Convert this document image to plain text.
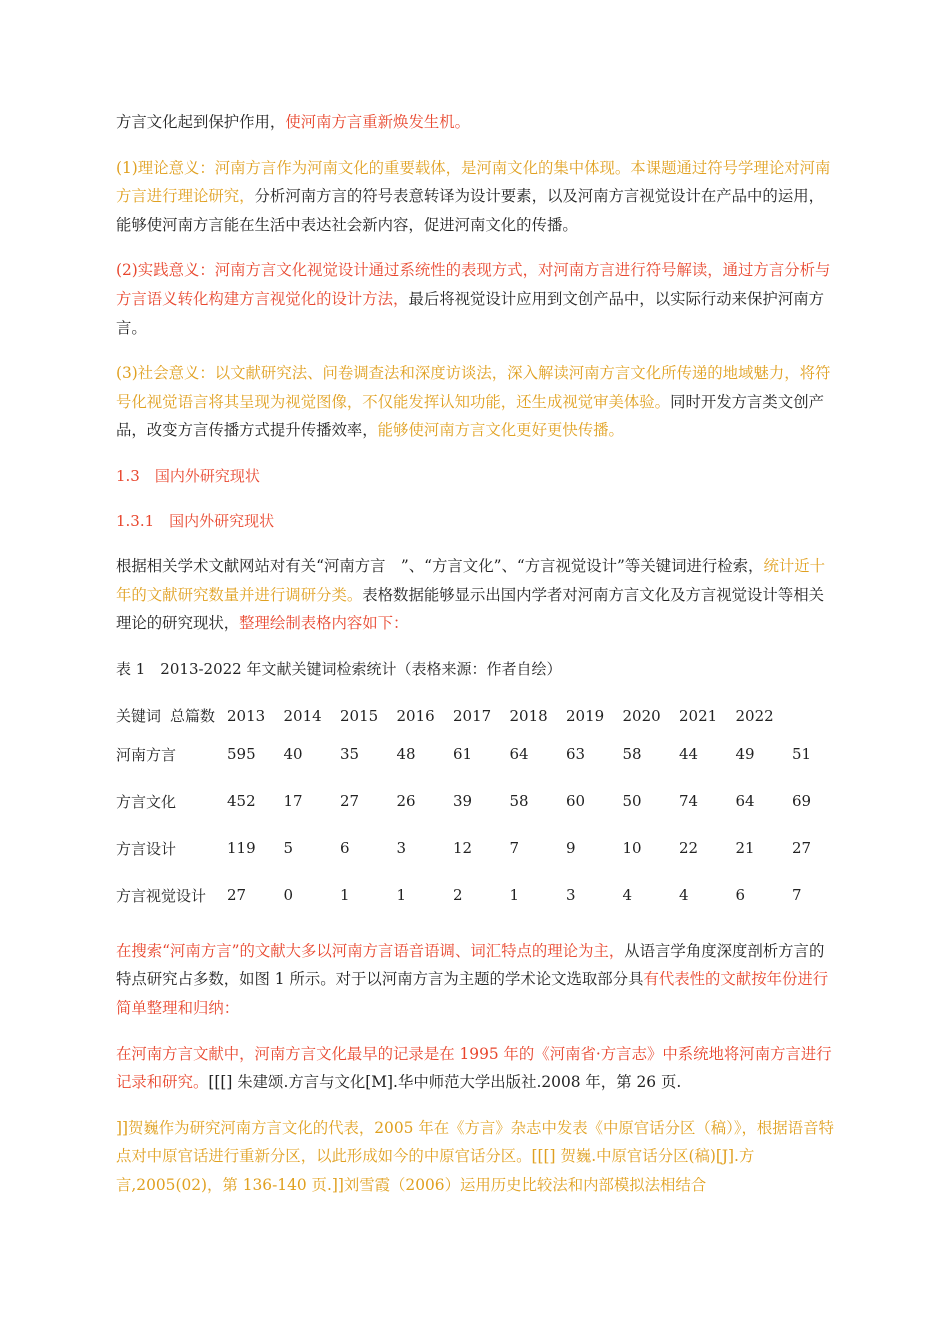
方言文化起到保护作用，使河南方言重新焕发生机。

(1)理论意义：河南方言作为河南文化的重要载体，是河南文化的集中体现。本课题通过符号学理论对河南方言进行理论研究，分析河南方言的符号表意转译为设计要素，以及河南方言视觉设计在产品中的运用，能够使河南方言能在生活中表达社会新内容，促进河南文化的传播。

(2)实践意义：河南方言文化视觉设计通过系统性的表现方式，对河南方言进行符号解读，通过方言分析与方言语义转化构建方言视觉化的设计方法，最后将视觉设计应用到文创产品中，以实际行动来保护河南方言。

(3)社会意义：以文献研究法、问卷调查法和深度访谈法，深入解读河南方言文化所传递的地域魅力，将符号化视觉语言将其呈现为视觉图像，不仅能发挥认知功能，还生成视觉审美体验。同时开发方言类文创产品，改变方言传播方式提升传播效率，能够使河南方言文化更好更快传播。

1.3　国内外研究现状

1.3.1　国内外研究现状

根据相关学术文献网站对有关“河南方言　”、“方言文化”、“方言视觉设计”等关键词进行检索，统计近十年的文献研究数量并进行调研分类。表格数据能够显示出国内学者对河南方言文化及方言视觉设计等相关理论的研究现状，整理绘制表格内容如下：

表 1　2013-2022 年文献关键词检索统计（表格来源：作者自绘）

关键词	总篇数	2013	2014	2015	2016	2017	2018	2019	2020	2021	2022	
河南方言		595	40	35	48	61	64	63	58	44	49	51
方言文化		452	17	27	26	39	58	60	50	74	64	69
方言设计		119	5	6	3	12	7	9	10	22	21	27
方言视觉设计		27	0	1	1	2	1	3	4	4	6	7

在搜索“河南方言”的文献大多以河南方言语音语调、词汇特点的理论为主，从语言学角度深度剖析方言的特点研究占多数，如图 1 所示。对于以河南方言为主题的学术论文选取部分具有代表性的文献按年份进行简单整理和归纳：

在河南方言文献中，河南方言文化最早的记录是在 1995 年的《河南省·方言志》中系统地将河南方言进行记录和研究。[[[] 朱建颂.方言与文化[M].华中师范大学出版社.2008 年，第 26 页.

]]贺巍作为研究河南方言文化的代表，2005 年在《方言》杂志中发表《中原官话分区（稿）》，根据语音特点对中原官话进行重新分区，以此形成如今的中原官话分区。[[[] 贺巍.中原官话分区(稿)[J].方言,2005(02)，第 136-140 页.]]刘雪霞（2006）运用历史比较法和内部模拟法相结合
